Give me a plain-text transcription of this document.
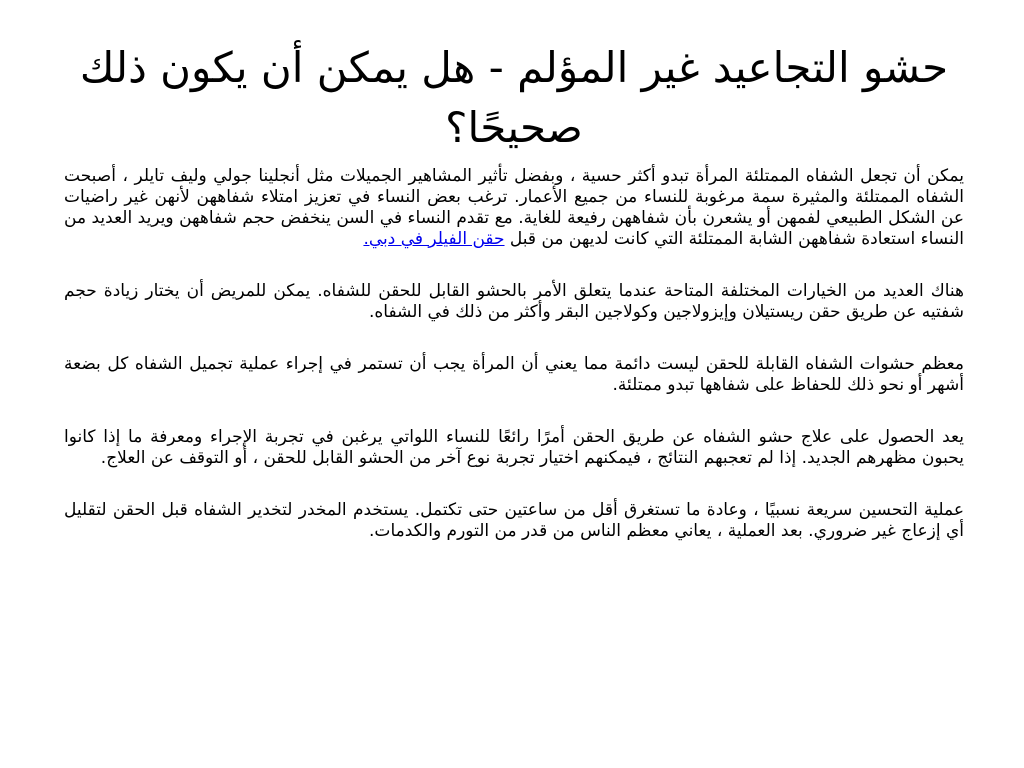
حشو التجاعيد غير المؤلم - هل يمكن أن يكون ذلك صحيحًا؟

يمكن أن تجعل الشفاه الممتلئة المرأة تبدو أكثر حسية ، وبفضل تأثير المشاهير الجميلات مثل أنجلينا جولي وليف تايلر ، أصبحت الشفاه الممتلئة والمثيرة سمة مرغوبة للنساء من جميع الأعمار. ترغب بعض النساء في تعزيز امتلاء شفاههن لأنهن غير راضيات عن الشكل الطبيعي لفمهن أو يشعرن بأن شفاههن رفيعة للغاية. مع تقدم النساء في السن ينخفض حجم شفاههن ويريد العديد من النساء استعادة شفاههن الشابة الممتلئة التي كانت لديهن من قبل حقن الفيلر في دبي.

هناك العديد من الخيارات المختلفة المتاحة عندما يتعلق الأمر بالحشو القابل للحقن للشفاه. يمكن للمريض أن يختار زيادة حجم شفتيه عن طريق حقن ريستيلان وإيزولاجين وكولاجين البقر وأكثر من ذلك في الشفاه.

معظم حشوات الشفاه القابلة للحقن ليست دائمة مما يعني أن المرأة يجب أن تستمر في إجراء عملية تجميل الشفاه كل بضعة أشهر أو نحو ذلك للحفاظ على شفاهها تبدو ممتلئة.

يعد الحصول على علاج حشو الشفاه عن طريق الحقن أمرًا رائعًا للنساء اللواتي يرغبن في تجربة الإجراء ومعرفة ما إذا كانوا يحبون مظهرهم الجديد. إذا لم تعجبهم النتائج ، فيمكنهم اختيار تجربة نوع آخر من الحشو القابل للحقن ، أو التوقف عن العلاج.

عملية التحسين سريعة نسبيًا ، وعادة ما تستغرق أقل من ساعتين حتى تكتمل. يستخدم المخدر لتخدير الشفاه قبل الحقن لتقليل أي إزعاج غير ضروري. بعد العملية ، يعاني معظم الناس من قدر من التورم والكدمات.
